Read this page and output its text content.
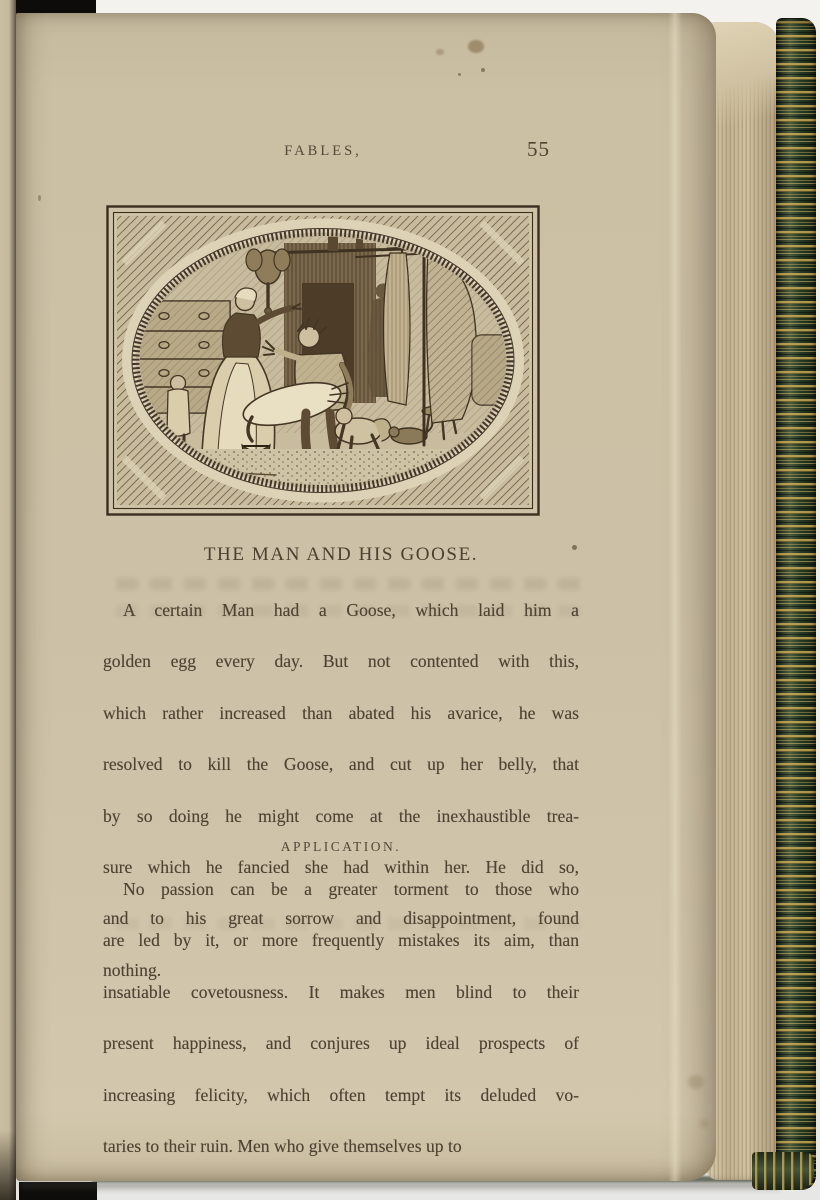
FABLES,	55
THE MAN AND HIS GOOSE.
A certain Man had a Goose, which laid him a
golden egg every day. But not contented with this,
which rather increased than abated his avarice, he was
resolved to kill the Goose, and cut up her belly, that
by so doing he might come at the inexhaustible trea-
sure which he fancied she had within her. He did so,
and to his great sorrow and disappointment, found
nothing.
APPLICATION.
No passion can be a greater torment to those who
are led by it, or more frequently mistakes its aim, than
insatiable covetousness. It makes men blind to their
present happiness, and conjures up ideal prospects of
increasing felicity, which often tempt its deluded vo-
taries to their ruin. Men who give themselves up to
